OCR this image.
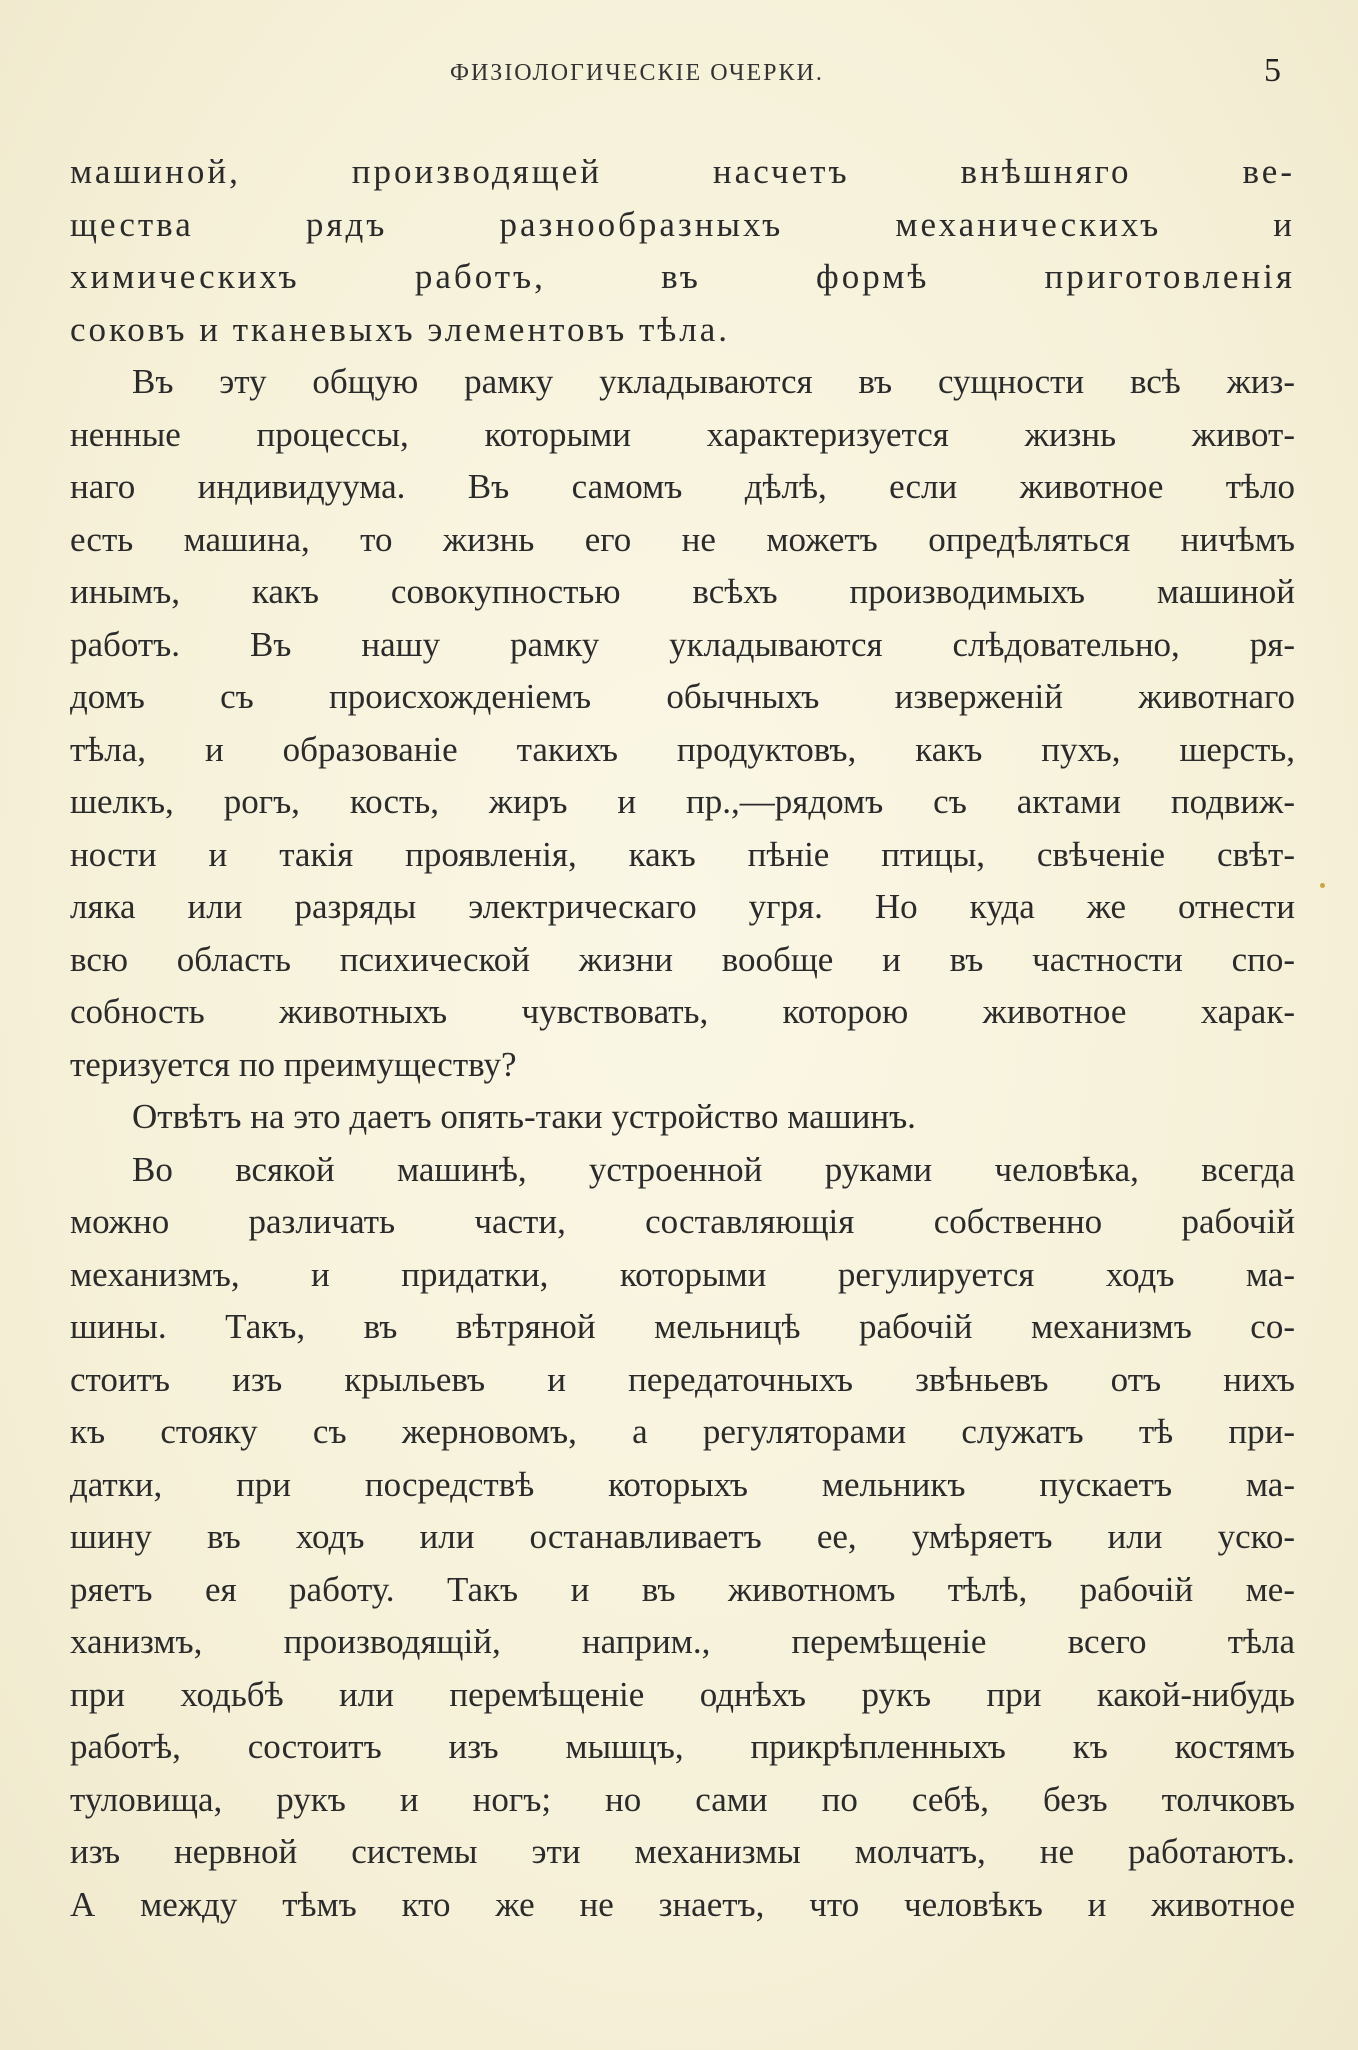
ФИЗІОЛОГИЧЕСКІЕ ОЧЕРКИ.	5
машиной, производящей насчетъ внѣшняго ве-
щества рядъ разнообразныхъ механическихъ и
химическихъ работъ, въ формѣ приготовленія
соковъ и тканевыхъ элементовъ тѣла.
Въ эту общую рамку укладываются въ сущности всѣ жиз-
ненные процессы, которыми характеризуется жизнь живот-
наго индивидуума. Въ самомъ дѣлѣ, если животное тѣло
есть машина, то жизнь его не можетъ опредѣляться ничѣмъ
инымъ, какъ совокупностью всѣхъ производимыхъ машиной
работъ. Въ нашу рамку укладываются слѣдовательно, ря-
домъ съ происхожденіемъ обычныхъ изверженій животнаго
тѣла, и образованіе такихъ продуктовъ, какъ пухъ, шерсть,
шелкъ, рогъ, кость, жиръ и пр.,—рядомъ съ актами подвиж-
ности и такія проявленія, какъ пѣніе птицы, свѣченіе свѣт-
ляка или разряды электрическаго угря. Но куда же отнести
всю область психической жизни вообще и въ частности спо-
собность животныхъ чувствовать, которою животное харак-
теризуется по преимуществу?
Отвѣтъ на это даетъ опять-таки устройство машинъ.
Во всякой машинѣ, устроенной руками человѣка, всегда
можно различать части, составляющія собственно рабочій
механизмъ, и придатки, которыми регулируется ходъ ма-
шины. Такъ, въ вѣтряной мельницѣ рабочій механизмъ со-
стоитъ изъ крыльевъ и передаточныхъ звѣньевъ отъ нихъ
къ стояку съ жерновомъ, а регуляторами служатъ тѣ при-
датки, при посредствѣ которыхъ мельникъ пускаетъ ма-
шину въ ходъ или останавливаетъ ее, умѣряетъ или уско-
ряетъ ея работу. Такъ и въ животномъ тѣлѣ, рабочій ме-
ханизмъ, производящій, наприм., перемѣщеніе всего тѣла
при ходьбѣ или перемѣщеніе однѣхъ рукъ при какой-нибудь
работѣ, состоитъ изъ мышцъ, прикрѣпленныхъ къ костямъ
туловища, рукъ и ногъ; но сами по себѣ, безъ толчковъ
изъ нервной системы эти механизмы молчатъ, не работаютъ.
А между тѣмъ кто же не знаетъ, что человѣкъ и животное
